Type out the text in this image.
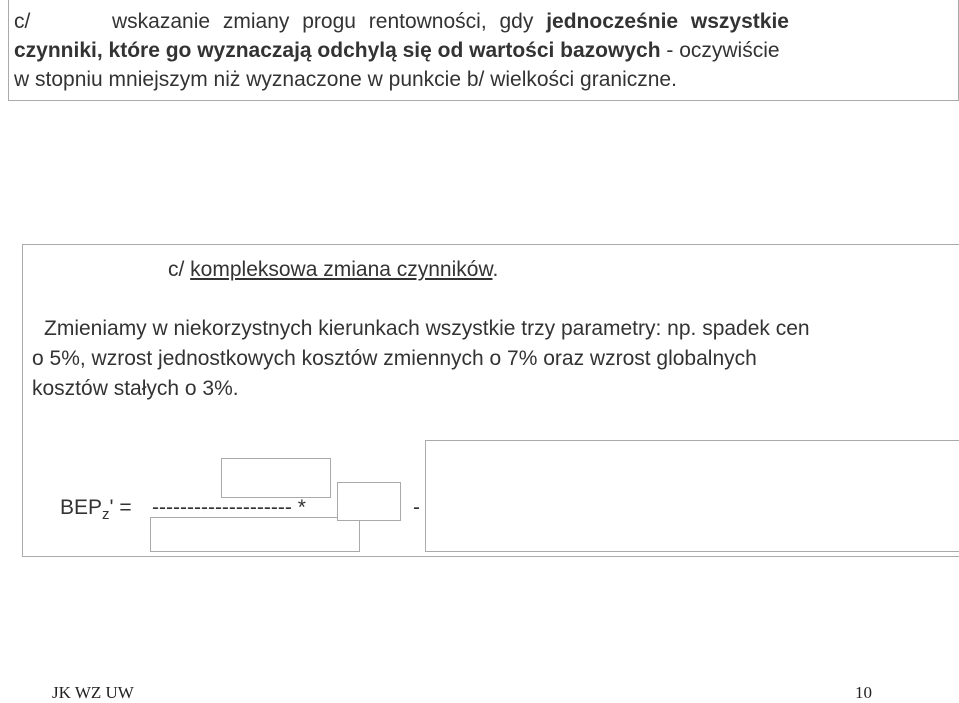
c/	wskazanie zmiany progu rentowności, gdy jednocześnie wszystkie
czynniki, które go wyznaczają odchylą się od wartości bazowych - oczywiście
w stopniu mniejszym niż wyznaczone w punkcie b/ wielkości graniczne.
c/ kompleksowa zmiana czynników.
Zmieniamy w niekorzystnych kierunkach wszystkie trzy parametry: np. spadek cen
o 5%, wzrost jednostkowych kosztów zmiennych o 7% oraz wzrost globalnych
kosztów stałych o 3%.
$BEP_z'$ = -------------------- *	-
JK WZ UW	10
